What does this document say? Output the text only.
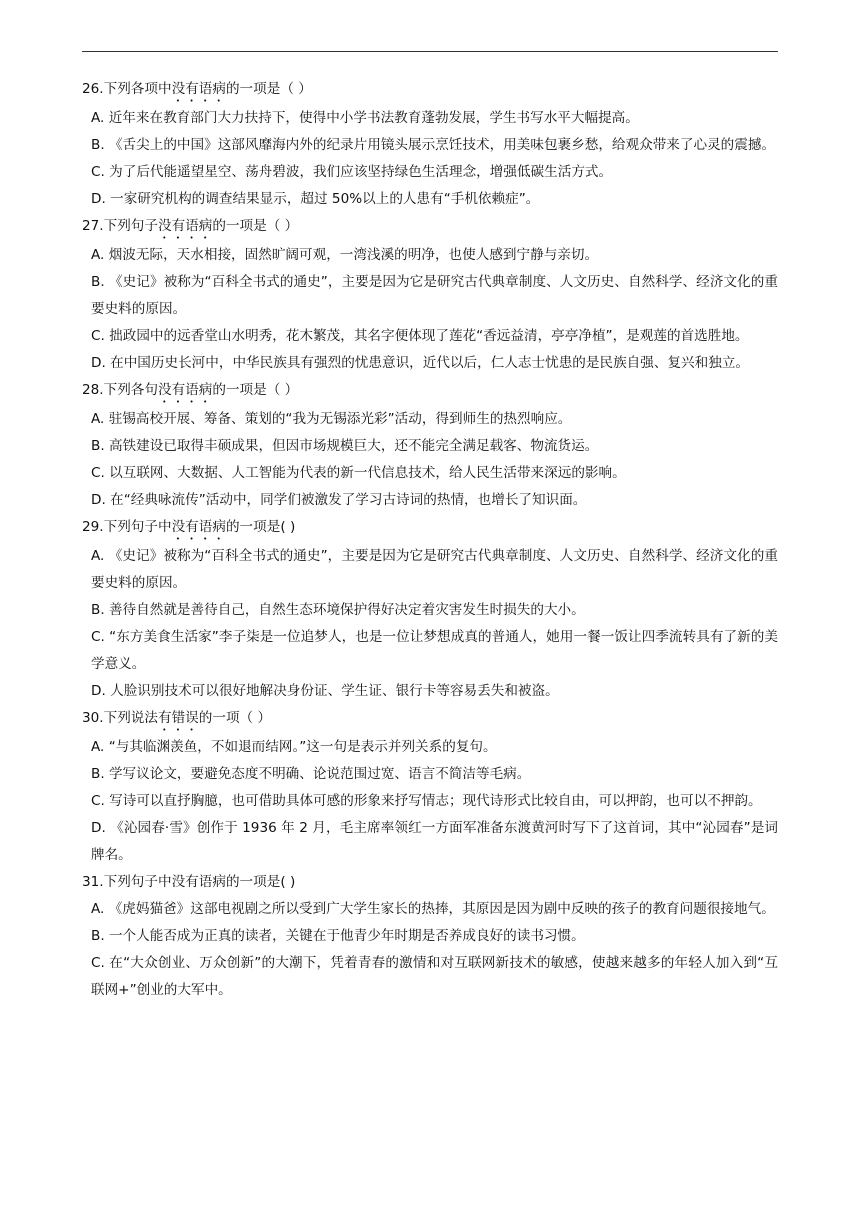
26.下列各项中没有语病的一项是（ ）
A. 近年来在教育部门大力扶持下，使得中小学书法教育蓬勃发展，学生书写水平大幅提高。
B. 《舌尖上的中国》这部风靡海内外的纪录片用镜头展示烹饪技术，用美味包裹乡愁，给观众带来了心灵的震撼。
C. 为了后代能遥望星空、荡舟碧波，我们应该坚持绿色生活理念，增强低碳生活方式。
D. 一家研究机构的调查结果显示，超过 50%以上的人患有“手机依赖症”。
27.下列句子没有语病的一项是（ ）
A. 烟波无际，天水相接，固然旷阔可观，一湾浅溪的明净，也使人感到宁静与亲切。
B. 《史记》被称为“百科全书式的通史”，主要是因为它是研究古代典章制度、人文历史、自然科学、经济文化的重要史料的原因。
C. 拙政园中的远香堂山水明秀，花木繁茂，其名字便体现了莲花“香远益清，亭亭净植”，是观莲的首选胜地。
D. 在中国历史长河中，中华民族具有强烈的忧患意识，近代以后，仁人志士忧患的是民族自强、复兴和独立。
28.下列各句没有语病的一项是（ ）
A. 驻锡高校开展、筹备、策划的“我为无锡添光彩”活动，得到师生的热烈响应。
B. 高铁建设已取得丰硕成果，但因市场规模巨大，还不能完全满足载客、物流货运。
C. 以互联网、大数据、人工智能为代表的新一代信息技术，给人民生活带来深远的影响。
D. 在“经典咏流传”活动中，同学们被激发了学习古诗词的热情，也增长了知识面。
29.下列句子中没有语病的一项是( )
A. 《史记》被称为“百科全书式的通史”，主要是因为它是研究古代典章制度、人文历史、自然科学、经济文化的重要史料的原因。
B. 善待自然就是善待自己，自然生态环境保护得好决定着灾害发生时损失的大小。
C. “东方美食生活家”李子柒是一位追梦人，也是一位让梦想成真的普通人，她用一餐一饭让四季流转具有了新的美学意义。
D. 人脸识别技术可以很好地解决身份证、学生证、银行卡等容易丢失和被盗。
30.下列说法有错误的一项（ ）
A. “与其临渊羡鱼，不如退而结网。”这一句是表示并列关系的复句。
B. 学写议论文，要避免态度不明确、论说范围过宽、语言不简洁等毛病。
C. 写诗可以直抒胸臆，也可借助具体可感的形象来抒写情志；现代诗形式比较自由，可以押韵，也可以不押韵。
D. 《沁园春·雪》创作于 1936 年 2 月，毛主席率领红一方面军准备东渡黄河时写下了这首词，其中“沁园春”是词牌名。
31.下列句子中没有语病的一项是( )
A. 《虎妈猫爸》这部电视剧之所以受到广大学生家长的热捧，其原因是因为剧中反映的孩子的教育问题很接地气。
B. 一个人能否成为正真的读者，关键在于他青少年时期是否养成良好的读书习惯。
C. 在“大众创业、万众创新”的大潮下，凭着青春的激情和对互联网新技术的敏感，使越来越多的年轻人加入到“互联网+”创业的大军中。
